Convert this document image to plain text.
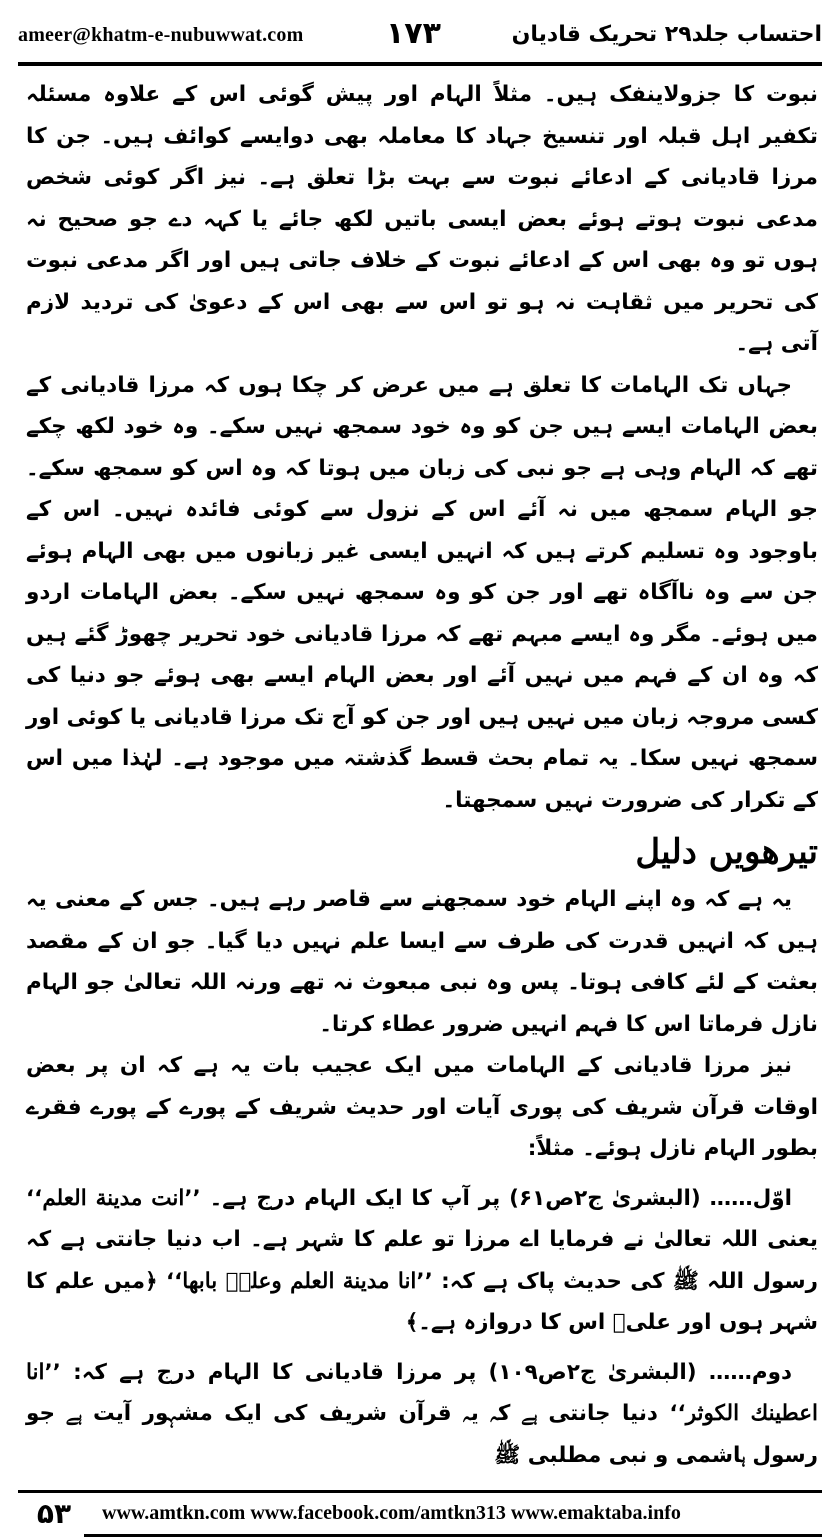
ameer@khatm-e-nubuwwat.com	۱۷۳	احتساب جلد۲۹ تحریک قادیان

نبوت کا جزولاینفک ہیں۔ مثلاً الہام اور پیش گوئی اس کے علاوہ مسئلہ تکفیر اہل قبلہ اور تنسیخ جہاد کا معاملہ بھی دوایسے کوائف ہیں۔ جن کا مرزا قادیانی کے ادعائے نبوت سے بہت بڑا تعلق ہے۔ نیز اگر کوئی شخص مدعی نبوت ہوتے ہوئے بعض ایسی باتیں لکھ جائے یا کہہ دے جو صحیح نہ ہوں تو وہ بھی اس کے ادعائے نبوت کے خلاف جاتی ہیں اور اگر مدعی نبوت کی تحریر میں ثقاہت نہ ہو تو اس سے بھی اس کے دعویٰ کی تردید لازم آتی ہے۔

جہاں تک الہامات کا تعلق ہے میں عرض کر چکا ہوں کہ مرزا قادیانی کے بعض الہامات ایسے ہیں جن کو وہ خود سمجھ نہیں سکے۔ وہ خود لکھ چکے تھے کہ الہام وہی ہے جو نبی کی زبان میں ہوتا کہ وہ اس کو سمجھ سکے۔ جو الہام سمجھ میں نہ آئے اس کے نزول سے کوئی فائدہ نہیں۔ اس کے باوجود وہ تسلیم کرتے ہیں کہ انہیں ایسی غیر زبانوں میں بھی الہام ہوئے جن سے وہ ناآگاہ تھے اور جن کو وہ سمجھ نہیں سکے۔ بعض الہامات اردو میں ہوئے۔ مگر وہ ایسے مبہم تھے کہ مرزا قادیانی خود تحریر چھوڑ گئے ہیں کہ وہ ان کے فہم میں نہیں آئے اور بعض الہام ایسے بھی ہوئے جو دنیا کی کسی مروجہ زبان میں نہیں ہیں اور جن کو آج تک مرزا قادیانی یا کوئی اور سمجھ نہیں سکا۔ یہ تمام بحث قسط گذشتہ میں موجود ہے۔ لہٰذا میں اس کے تکرار کی ضرورت نہیں سمجھتا۔

تیرھویں دلیل

یہ ہے کہ وہ اپنے الہام خود سمجھنے سے قاصر رہے ہیں۔ جس کے معنی یہ ہیں کہ انہیں قدرت کی طرف سے ایسا علم نہیں دیا گیا۔ جو ان کے مقصد بعثت کے لئے کافی ہوتا۔ پس وہ نبی مبعوث نہ تھے ورنہ اللہ تعالیٰ جو الہام نازل فرماتا اس کا فہم انہیں ضرور عطاء کرتا۔

نیز مرزا قادیانی کے الہامات میں ایک عجیب بات یہ ہے کہ ان پر بعض اوقات قرآن شریف کی پوری آیات اور حدیث شریف کے پورے کے پورے فقرے بطور الہام نازل ہوئے۔ مثلاً:

اوّل…… (البشریٰ ج۲ص۶۱) پر آپ کا ایک الہام درج ہے۔ ’’انت مدینة العلم‘‘ یعنی اللہ تعالیٰ نے فرمایا اے مرزا تو علم کا شہر ہے۔ اب دنیا جانتی ہے کہ رسول اللہ ﷺ کی حدیث پاک ہے کہ: ’’انا مدینة العلم وعلیؓ بابها‘‘ ﴿میں علم کا شہر ہوں اور علیؓ اس کا دروازہ ہے۔﴾

دوم…… (البشریٰ ج۲ص۱۰۹) پر مرزا قادیانی کا الہام درج ہے کہ: ’’انا اعطینك الکوثر‘‘ دنیا جانتی ہے کہ یہ قرآن شریف کی ایک مشہور آیت ہے جو رسول ہاشمی و نبی مطلبی ﷺ

۵۳	www.amtkn.com www.facebook.com/amtkn313 www.emaktaba.info
